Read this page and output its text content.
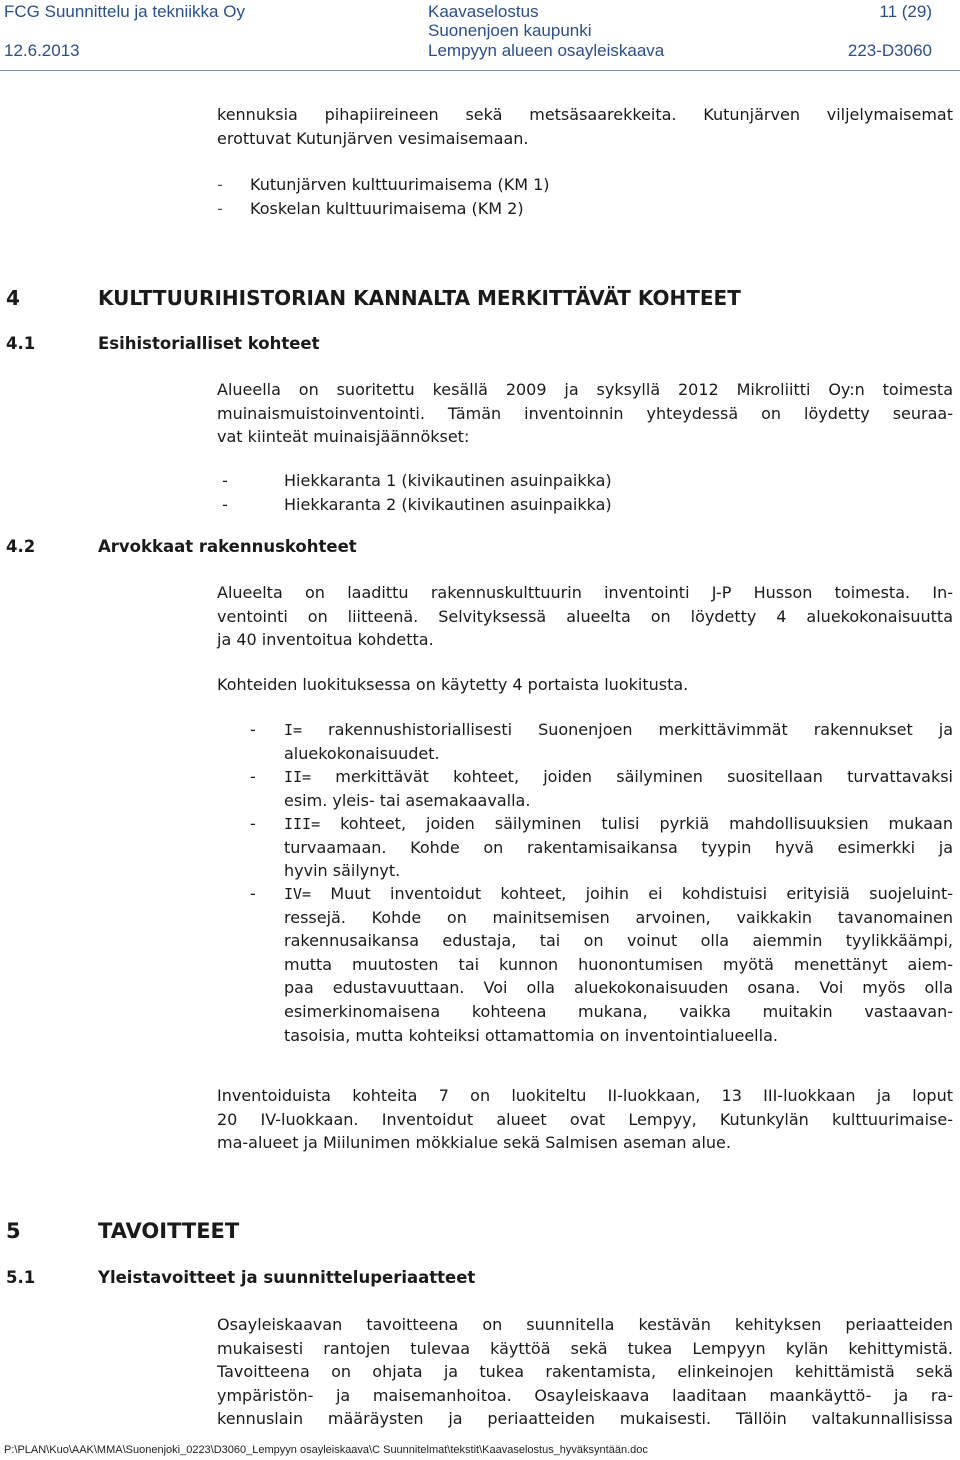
FCG Suunnittelu ja tekniikka Oy
12.6.2013
Kaavaselostus
Suonenjoen kaupunki
Lempyyn alueen osayleiskaava
11 (29)
223-D3060
kennuksia pihapiireineen sekä metsäsaarekkeita. Kutunjärven viljelymaisemat
erottuvat Kutunjärven vesimaisemaan.
- Kutunjärven kulttuurimaisema (KM 1)
- Koskelan kulttuurimaisema (KM 2)
4	KULTTUURIHISTORIAN KANNALTA MERKITTÄVÄT KOHTEET
4.1	Esihistorialliset kohteet
Alueella on suoritettu kesällä 2009 ja syksyllä 2012 Mikroliitti Oy:n toimesta
muinaismuistoinventointi. Tämän inventoinnin yhteydessä on löydetty seuraa-
vat kiinteät muinaisjäännökset:
-	Hiekkaranta 1 (kivikautinen asuinpaikka)
-	Hiekkaranta 2 (kivikautinen asuinpaikka)
4.2	Arvokkaat rakennuskohteet
Alueelta on laadittu rakennuskulttuurin inventointi J-P Husson toimesta. In-
ventointi on liitteenä. Selvityksessä alueelta on löydetty 4 aluekokonaisuutta
ja 40 inventoitua kohdetta.
Kohteiden luokituksessa on käytetty 4 portaista luokitusta.
- I= rakennushistoriallisesti Suonenjoen merkittävimmät rakennukset ja
aluekokonaisuudet.
- II= merkittävät kohteet, joiden säilyminen suositellaan turvattavaksi
esim. yleis- tai asemakaavalla.
- III= kohteet, joiden säilyminen tulisi pyrkiä mahdollisuuksien mukaan
turvaamaan. Kohde on rakentamisaikansa tyypin hyvä esimerkki ja
hyvin säilynyt.
- IV= Muut inventoidut kohteet, joihin ei kohdistuisi erityisiä suojeluint-
ressejä. Kohde on mainitsemisen arvoinen, vaikkakin tavanomainen
rakennusaikansa edustaja, tai on voinut olla aiemmin tyylikkäämpi,
mutta muutosten tai kunnon huonontumisen myötä menettänyt aiem-
paa edustavuuttaan. Voi olla aluekokonaisuuden osana. Voi myös olla
esimerkinomaisena kohteena mukana, vaikka muitakin vastaavan-
tasoisia, mutta kohteiksi ottamattomia on inventointialueella.
Inventoiduista kohteita 7 on luokiteltu II-luokkaan, 13 III-luokkaan ja loput
20 IV-luokkaan. Inventoidut alueet ovat Lempyy, Kutunkylän kulttuurimaise-
ma-alueet ja Miilunimen mökkialue sekä Salmisen aseman alue.
5	TAVOITTEET
5.1	Yleistavoitteet ja suunnitteluperiaatteet
Osayleiskaavan tavoitteena on suunnitella kestävän kehityksen periaatteiden
mukaisesti rantojen tulevaa käyttöä sekä tukea Lempyyn kylän kehittymistä.
Tavoitteena on ohjata ja tukea rakentamista, elinkeinojen kehittämistä sekä
ympäristön- ja maisemanhoitoa. Osayleiskaava laaditaan maankäyttö- ja ra-
kennuslain määräysten ja periaatteiden mukaisesti. Tällöin valtakunnallisissa
P:\PLAN\Kuo\AAK\MMA\Suonenjoki_0223\D3060_Lempyyn osayleiskaava\C Suunnitelmat\tekstit\Kaavaselostus_hyväksyntään.doc
